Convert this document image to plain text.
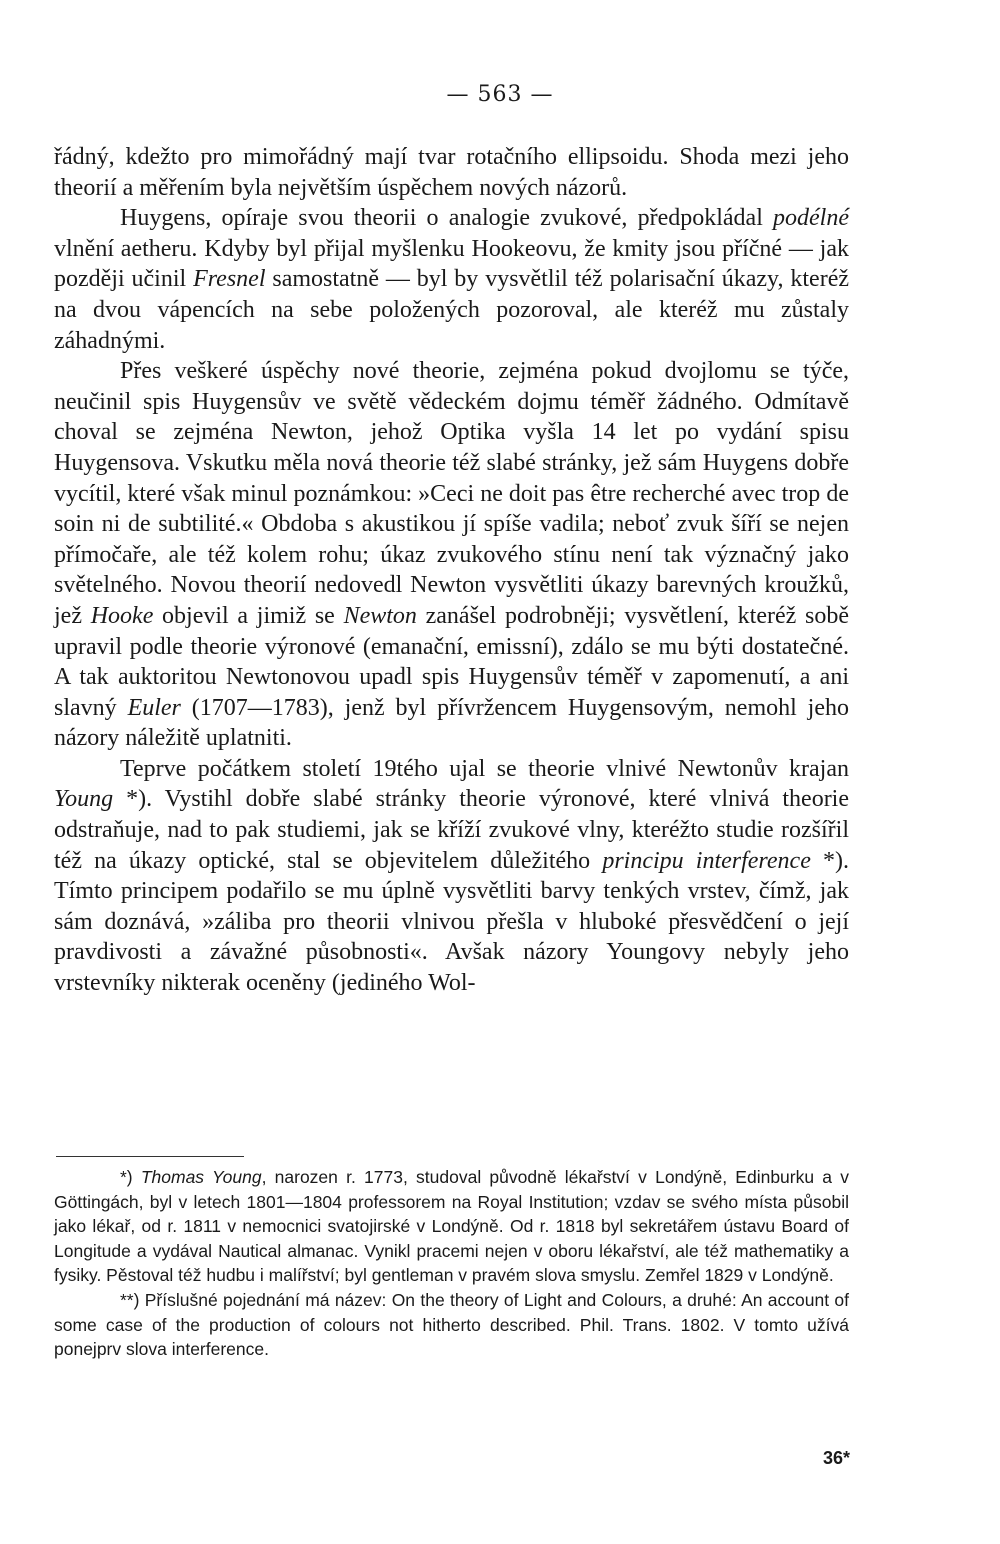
— 563 —

řádný, kdežto pro mimořádný mají tvar rotačního ellipsoidu. Shoda mezi jeho theorií a měřením byla největším úspěchem nových názorů.

Huygens, opíraje svou theorii o analogie zvukové, předpokládal podélné vlnění aetheru. Kdyby byl přijal myšlenku Hookeovu, že kmity jsou příčné — jak později učinil Fresnel samostatně — byl by vysvětlil též polarisační úkazy, kteréž na dvou vápencích na sebe položených pozoroval, ale kteréž mu zůstaly záhadnými.

Přes veškeré úspěchy nové theorie, zejména pokud dvojlomu se týče, neučinil spis Huygensův ve světě vědeckém dojmu téměř žádného. Odmítavě choval se zejména Newton, jehož Optika vyšla 14 let po vydání spisu Huygensova. Vskutku měla nová theorie též slabé stránky, jež sám Huygens dobře vycítil, které však minul poznámkou: »Ceci ne doit pas être recherché avec trop de soin ni de subtilité.« Obdoba s akustikou jí spíše vadila; neboť zvuk šíří se nejen přímočaře, ale též kolem rohu; úkaz zvukového stínu není tak význačný jako světelného. Novou theorií nedovedl Newton vysvětliti úkazy barevných kroužků, jež Hooke objevil a jimiž se Newton zanášel podrobněji; vysvětlení, kteréž sobě upravil podle theorie výronové (emanační, emissní), zdálo se mu býti dostatečné. A tak auktoritou Newtonovou upadl spis Huygensův téměř v zapomenutí, a ani slavný Euler (1707—1783), jenž byl přívržencem Huygensovým, nemohl jeho názory náležitě uplatniti.

Teprve počátkem století 19tého ujal se theorie vlnivé Newtonův krajan Young *). Vystihl dobře slabé stránky theorie výronové, které vlnivá theorie odstraňuje, nad to pak studiemi, jak se kříží zvukové vlny, kteréžto studie rozšířil též na úkazy optické, stal se objevitelem důležitého principu interference *). Tímto principem podařilo se mu úplně vysvětliti barvy tenkých vrstev, čímž, jak sám doznává, »záliba pro theorii vlnivou přešla v hluboké přesvědčení o její pravdivosti a závažné působnosti«. Avšak názory Youngovy nebyly jeho vrstevníky nikterak oceněny (jediného Wol-

*) Thomas Young, narozen r. 1773, studoval původně lékařství v Londýně, Edinburku a v Göttingách, byl v letech 1801—1804 professorem na Royal Institution; vzdav se svého místa působil jako lékař, od r. 1811 v nemocnici svatojirské v Londýně. Od r. 1818 byl sekretářem ústavu Board of Longitude a vydával Nautical almanac. Vynikl pracemi nejen v oboru lékařství, ale též mathematiky a fysiky. Pěstoval též hudbu i malířství; byl gentleman v pravém slova smyslu. Zemřel 1829 v Londýně.

**) Příslušné pojednání má název: On the theory of Light and Colours, a druhé: An account of some case of the production of colours not hitherto described. Phil. Trans. 1802. V tomto užívá ponejprv slova interference.

36*
